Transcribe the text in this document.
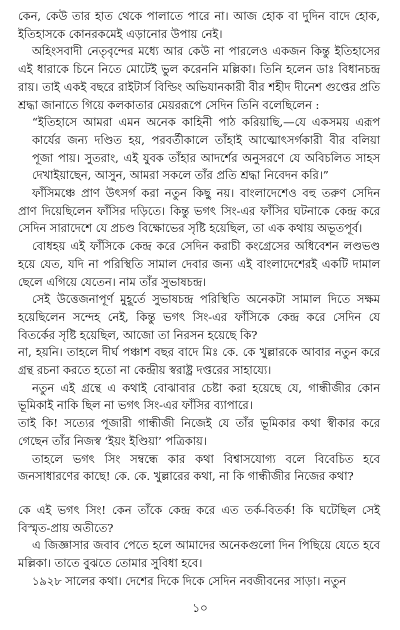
কেন, কেউ তার হাত থেকে পালাতে পারে না। আজ হোক বা দুদিন বাদে হোক, ইতিহাসকে কোনরকমেই এড়ানোর উপায় নেই।

অহিংসবাদী নেতৃবৃন্দের মধ্যে আর কেউ না পারলেও একজন কিন্তু ইতিহাসের এই ধারাকে চিনে নিতে মোটেই ভুল করেননি মল্লিকা। তিনি হলেন ডাঃ বিধানচন্দ্র রায়। তাই একই বছরে রাইটার্স বিল্ডিং অভিযানকারী বীর শহীদ দীনেশ গুপ্তের প্রতি শ্রদ্ধা জানাতে গিয়ে কলকাতার মেয়ররূপে সেদিন তিনি বলেছিলেন :

“ইতিহাসে আমরা এমন অনেক কাহিনী পাঠ করিয়াছি,—যে একসময় এরূপ কার্যের জন্য দণ্ডিত হয়, পরবর্তীকালে তাঁহাই আত্মোৎসর্গকারী বীর বলিয়া পূজা পায়। সুতরাং, এই যুবক তাঁহার আদর্শের অনুসরণে যে অবিচলিত সাহস দেখাইয়াছেন, আসুন, আমরা সকলে তাঁর প্রতি শ্রদ্ধা নিবেদন করি।”

ফাঁসিমঞ্চে প্রাণ উৎসর্গ করা নতুন কিছু নয়। বাংলাদেশেও বহু তরুণ সেদিন প্রাণ দিয়েছিলেন ফাঁসির দড়িতে। কিন্তু ভগৎ সিং-এর ফাঁসির ঘটনাকে কেন্দ্র করে সেদিন সারাদেশে যে প্রচণ্ড বিক্ষোভের সৃষ্টি হয়েছিল, তা এক কথায় অভূতপূর্ব।

বোধহয় এই ফাঁসিকে কেন্দ্র করে সেদিন করাচী কংগ্রেসের অধিবেশন লণ্ডভণ্ড হয়ে যেত, যদি না পরিস্থিতি সামাল দেবার জন্য এই বাংলাদেশেরই একটি দামাল ছেলে এগিয়ে যেতেন। নাম তাঁর সুভাষচন্দ্র।

সেই উত্তেজনাপূর্ণ মুহূর্তে সুভাষচন্দ্র পরিস্থিতি অনেকটা সামাল দিতে সক্ষম হয়েছিলেন সন্দেহ নেই, কিন্তু ভগৎ সিং-এর ফাঁসিকে কেন্দ্র করে সেদিন যে বিতর্কের সৃষ্টি হয়েছিল, আজো তা নিরসন হয়েছে কি?

না, হয়নি। তাহলে দীর্ঘ পঞ্চাশ বছর বাদে মিঃ কে. কে খুল্লারকে আবার নতুন করে গ্রন্থ রচনা করতে হতো না কেন্দ্রীয় স্বরাষ্ট্র দপ্তরের সাহায্যে।

নতুন এই গ্রন্থে এ কথাই বোঝাবার চেষ্টা করা হয়েছে যে, গান্ধীজীর কোন ভূমিকাই নাকি ছিল না ভগৎ সিং-এর ফাঁসির ব্যাপারে।

তাই কি! সত্যের পূজারী গান্ধীজী নিজেই যে তাঁর ভূমিকার কথা স্বীকার করে গেছেন তাঁর নিজস্ব ‘ইয়ং ইণ্ডিয়া’ পত্রিকায়।

তাহলে ভগৎ সিং সম্বন্ধে কার কথা বিশ্বাসযোগ্য বলে বিবেচিত হবে জনসাধারণের কাছে! কে. কে. খুল্লারের কথা, না কি গান্ধীজীর নিজের কথা?

কে এই ভগৎ সিং! কেন তাঁকে কেন্দ্র করে এত তর্ক-বিতর্ক! কি ঘটেছিল সেই বিস্মৃত-প্রায় অতীতে?

এ জিজ্ঞাসার জবাব পেতে হলে আমাদের অনেকগুলো দিন পিছিয়ে যেতে হবে মল্লিকা। তাতে বুঝতে তোমার সুবিধা হবে।

১৯২৮ সালের কথা। দেশের দিকে দিকে সেদিন নবজীবনের সাড়া। নতুন

১০
